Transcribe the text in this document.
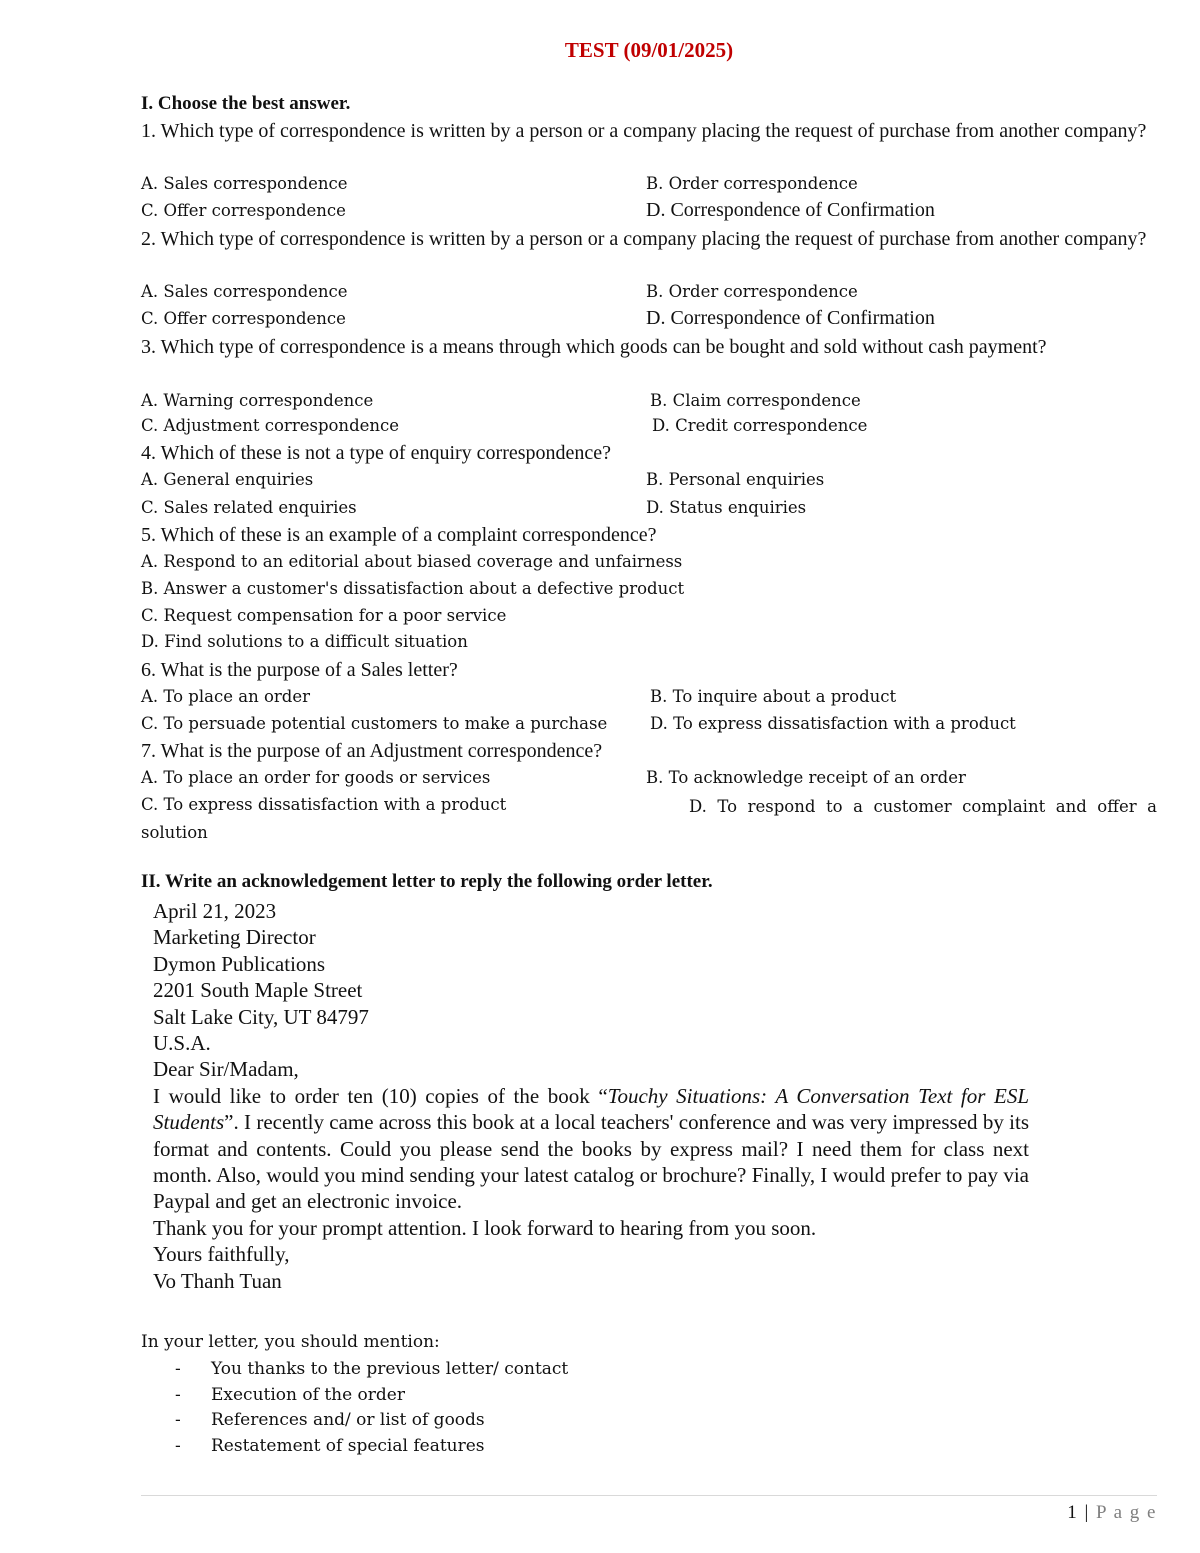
TEST (09/01/2025)
I. Choose the best answer.
1. Which type of correspondence is written by a person or a company placing the request of purchase from another company?
A. Sales correspondence	B. Order correspondence
C. Offer correspondence	D. Correspondence of Confirmation
2. Which type of correspondence is written by a person or a company placing the request of purchase from another company?
A. Sales correspondence	B. Order correspondence
C. Offer correspondence	D. Correspondence of Confirmation
3. Which type of correspondence is a means through which goods can be bought and sold without cash payment?
A. Warning correspondence	B. Claim correspondence
C. Adjustment correspondence	D. Credit correspondence
4. Which of these is not a type of enquiry correspondence?
A. General enquiries	B. Personal enquiries
C. Sales related enquiries	D. Status enquiries
5. Which of these is an example of a complaint correspondence?
A. Respond to an editorial about biased coverage and unfairness
B. Answer a customer's dissatisfaction about a defective product
C. Request compensation for a poor service
D. Find solutions to a difficult situation
6. What is the purpose of a Sales letter?
A. To place an order	B. To inquire about a product
C. To persuade potential customers to make a purchase	D. To express dissatisfaction with a product
7. What is the purpose of an Adjustment correspondence?
A. To place an order for goods or services	B. To acknowledge receipt of an order
C. To express dissatisfaction with a product	D. To respond to a customer complaint and offer a solution
II. Write an acknowledgement letter to reply the following order letter.
April 21, 2023
Marketing Director
Dymon Publications
2201 South Maple Street
Salt Lake City, UT 84797
U.S.A.
Dear Sir/Madam,
I would like to order ten (10) copies of the book “Touchy Situations: A Conversation Text for ESL Students”. I recently came across this book at a local teachers' conference and was very impressed by its format and contents. Could you please send the books by express mail? I need them for class next month. Also, would you mind sending your latest catalog or brochure? Finally, I would prefer to pay via Paypal and get an electronic invoice.
Thank you for your prompt attention. I look forward to hearing from you soon.
Yours faithfully,
Vo Thanh Tuan
In your letter, you should mention:
- You thanks to the previous letter/ contact
- Execution of the order
- References and/ or list of goods
- Restatement of special features
1 | P a g e
